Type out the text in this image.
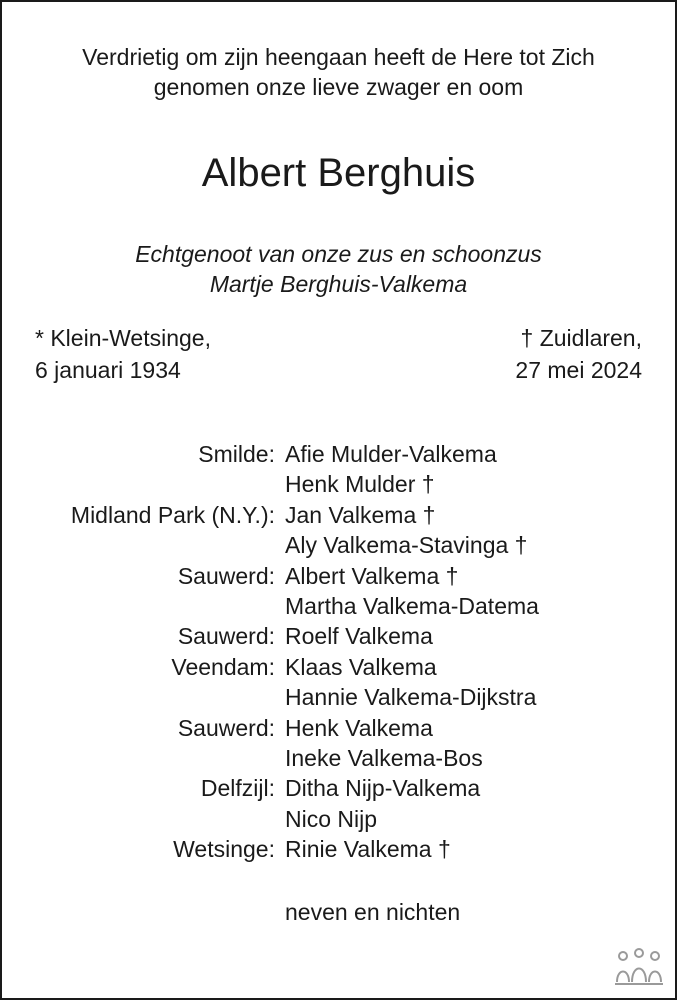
Verdrietig om zijn heengaan heeft de Here tot Zich
genomen onze lieve zwager en oom
Albert Berghuis
Echtgenoot van onze zus en schoonzus
Martje Berghuis-Valkema
* Klein-Wetsinge,
6 januari 1934
† Zuidlaren,
27 mei 2024
Smilde: Afie Mulder-Valkema
Henk Mulder †
Midland Park (N.Y.): Jan Valkema †
Aly Valkema-Stavinga †
Sauwerd: Albert Valkema †
Martha Valkema-Datema
Sauwerd: Roelf Valkema
Veendam: Klaas Valkema
Hannie Valkema-Dijkstra
Sauwerd: Henk Valkema
Ineke Valkema-Bos
Delfzijl: Ditha Nijp-Valkema
Nico Nijp
Wetsinge: Rinie Valkema †
neven en nichten
